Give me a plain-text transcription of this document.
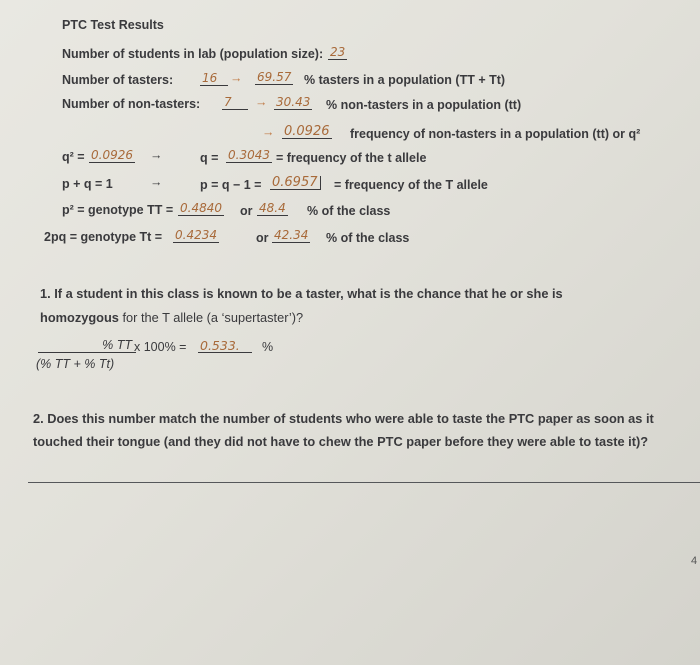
PTC Test Results
Number of students in lab (population size): 23
Number of tasters: 16	→ 69.57 % tasters in a population (TT + Tt)
Number of non-tasters: 7	→ 30.43 % non-tasters in a population (tt)
→ 0.0926 frequency of non-tasters in a population (tt) or q²
q² = 0.0926 →	q = 0.3043 = frequency of the t allele
p + q = 1	→	p = q − 1 = 0.6957 = frequency of the T allele
p² = genotype TT = 0.4840 or 48.4 % of the class
2pq = genotype Tt = 0.4234	or 42.34 % of the class
1. If a student in this class is known to be a taster, what is the chance that he or she is
homozygous for the T allele (a ‘supertaster’)?
% TT x 100% = 0.533.	%
(% TT + % Tt)
2. Does this number match the number of students who were able to taste the PTC paper as soon as it
touched their tongue (and they did not have to chew the PTC paper before they were able to taste it)?
4
